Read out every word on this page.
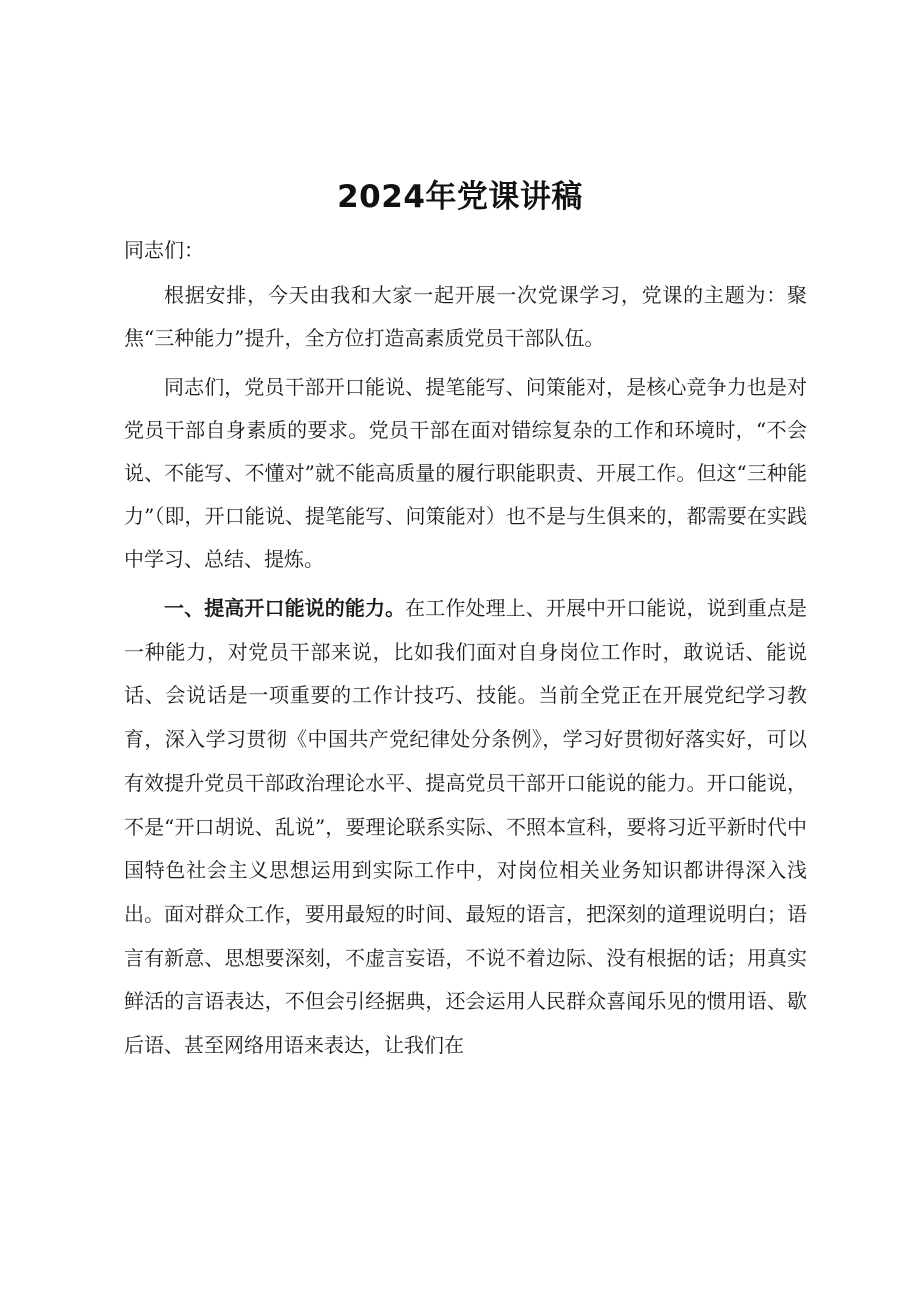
2024年党课讲稿

同志们：

根据安排，今天由我和大家一起开展一次党课学习，党课的主题为：聚焦“三种能力”提升，全方位打造高素质党员干部队伍。

同志们，党员干部开口能说、提笔能写、问策能对，是核心竞争力也是对党员干部自身素质的要求。党员干部在面对错综复杂的工作和环境时，“不会说、不能写、不懂对”就不能高质量的履行职能职责、开展工作。但这“三种能力”（即，开口能说、提笔能写、问策能对）也不是与生俱来的，都需要在实践中学习、总结、提炼。

一、提高开口能说的能力。在工作处理上、开展中开口能说，说到重点是一种能力，对党员干部来说，比如我们面对自身岗位工作时，敢说话、能说话、会说话是一项重要的工作计技巧、技能。当前全党正在开展党纪学习教育，深入学习贯彻《中国共产党纪律处分条例》，学习好贯彻好落实好，可以有效提升党员干部政治理论水平、提高党员干部开口能说的能力。开口能说，不是“开口胡说、乱说”，要理论联系实际、不照本宣科，要将习近平新时代中国特色社会主义思想运用到实际工作中，对岗位相关业务知识都讲得深入浅出。面对群众工作，要用最短的时间、最短的语言，把深刻的道理说明白；语言有新意、思想要深刻，不虚言妄语，不说不着边际、没有根据的话；用真实鲜活的言语表达，不但会引经据典，还会运用人民群众喜闻乐见的惯用语、歇后语、甚至网络用语来表达，让我们在
